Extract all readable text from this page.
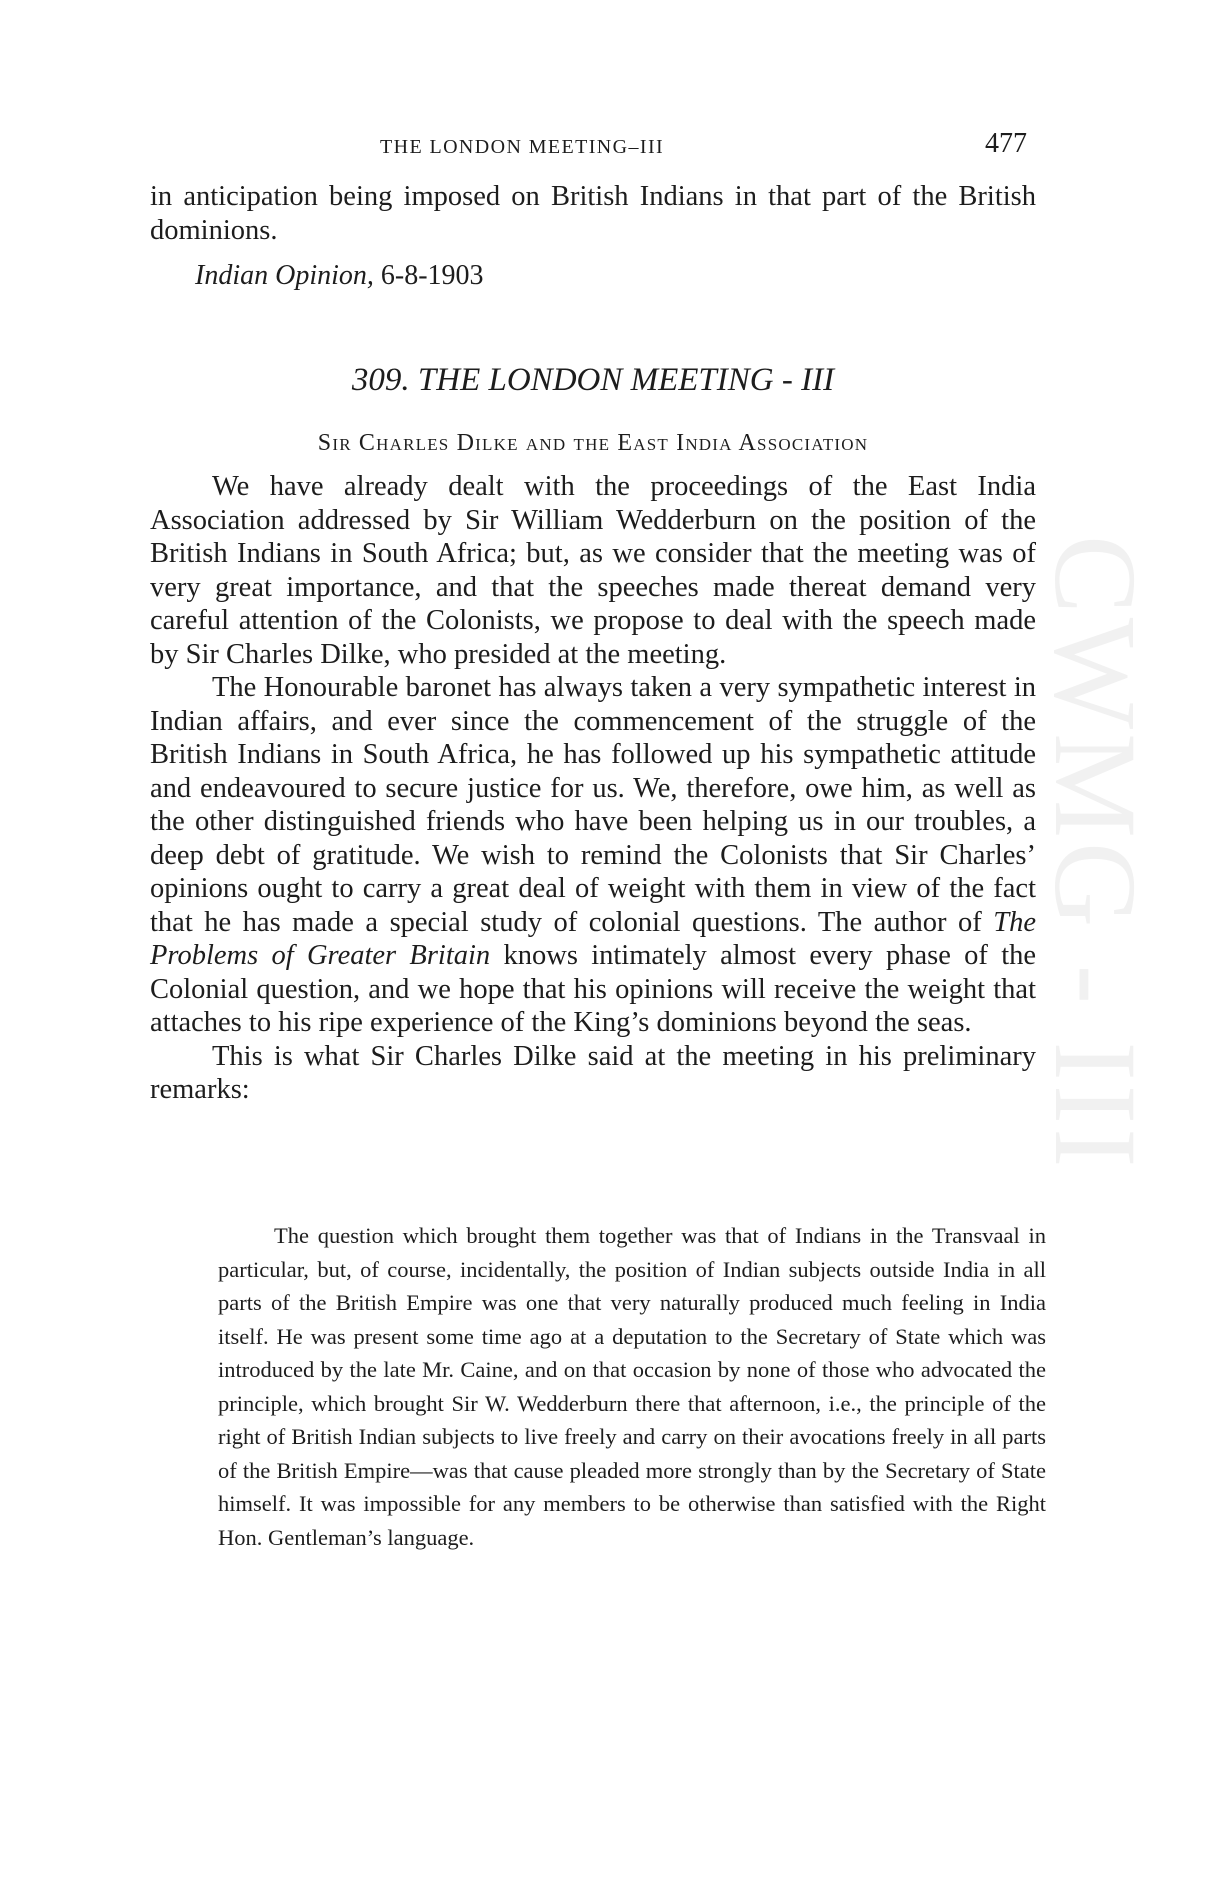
CWMG - III
THE LONDON MEETING–III	477
in anticipation being imposed on British Indians in that part of the British dominions.
Indian Opinion, 6-8-1903
309. THE LONDON MEETING - III
Sir Charles Dilke and the East India Association

We have already dealt with the proceedings of the East India Association addressed by Sir William Wedderburn on the position of the British Indians in South Africa; but, as we consider that the meeting was of very great importance, and that the speeches made thereat demand very careful attention of the Colonists, we propose to deal with the speech made by Sir Charles Dilke, who presided at the meeting.

The Honourable baronet has always taken a very sympathetic interest in Indian affairs, and ever since the commencement of the struggle of the British Indians in South Africa, he has followed up his sympathetic attitude and endeavoured to secure justice for us. We, therefore, owe him, as well as the other distinguished friends who have been helping us in our troubles, a deep debt of gratitude. We wish to remind the Colonists that Sir Charles’ opinions ought to carry a great deal of weight with them in view of the fact that he has made a special study of colonial questions. The author of The Problems of Greater Britain knows intimately almost every phase of the Colonial question, and we hope that his opinions will receive the weight that attaches to his ripe experience of the King’s dominions beyond the seas.

This is what Sir Charles Dilke said at the meeting in his preliminary remarks:

The question which brought them together was that of Indians in the Transvaal in particular, but, of course, incidentally, the position of Indian subjects outside India in all parts of the British Empire was one that very naturally produced much feeling in India itself. He was present some time ago at a deputation to the Secretary of State which was introduced by the late Mr. Caine, and on that occasion by none of those who advocated the principle, which brought Sir W. Wedderburn there that afternoon, i.e., the principle of the right of British Indian subjects to live freely and carry on their avocations freely in all parts of the British Empire—was that cause pleaded more strongly than by the Secretary of State himself. It was impossible for any members to be otherwise than satisfied with the Right Hon. Gentleman’s language.
